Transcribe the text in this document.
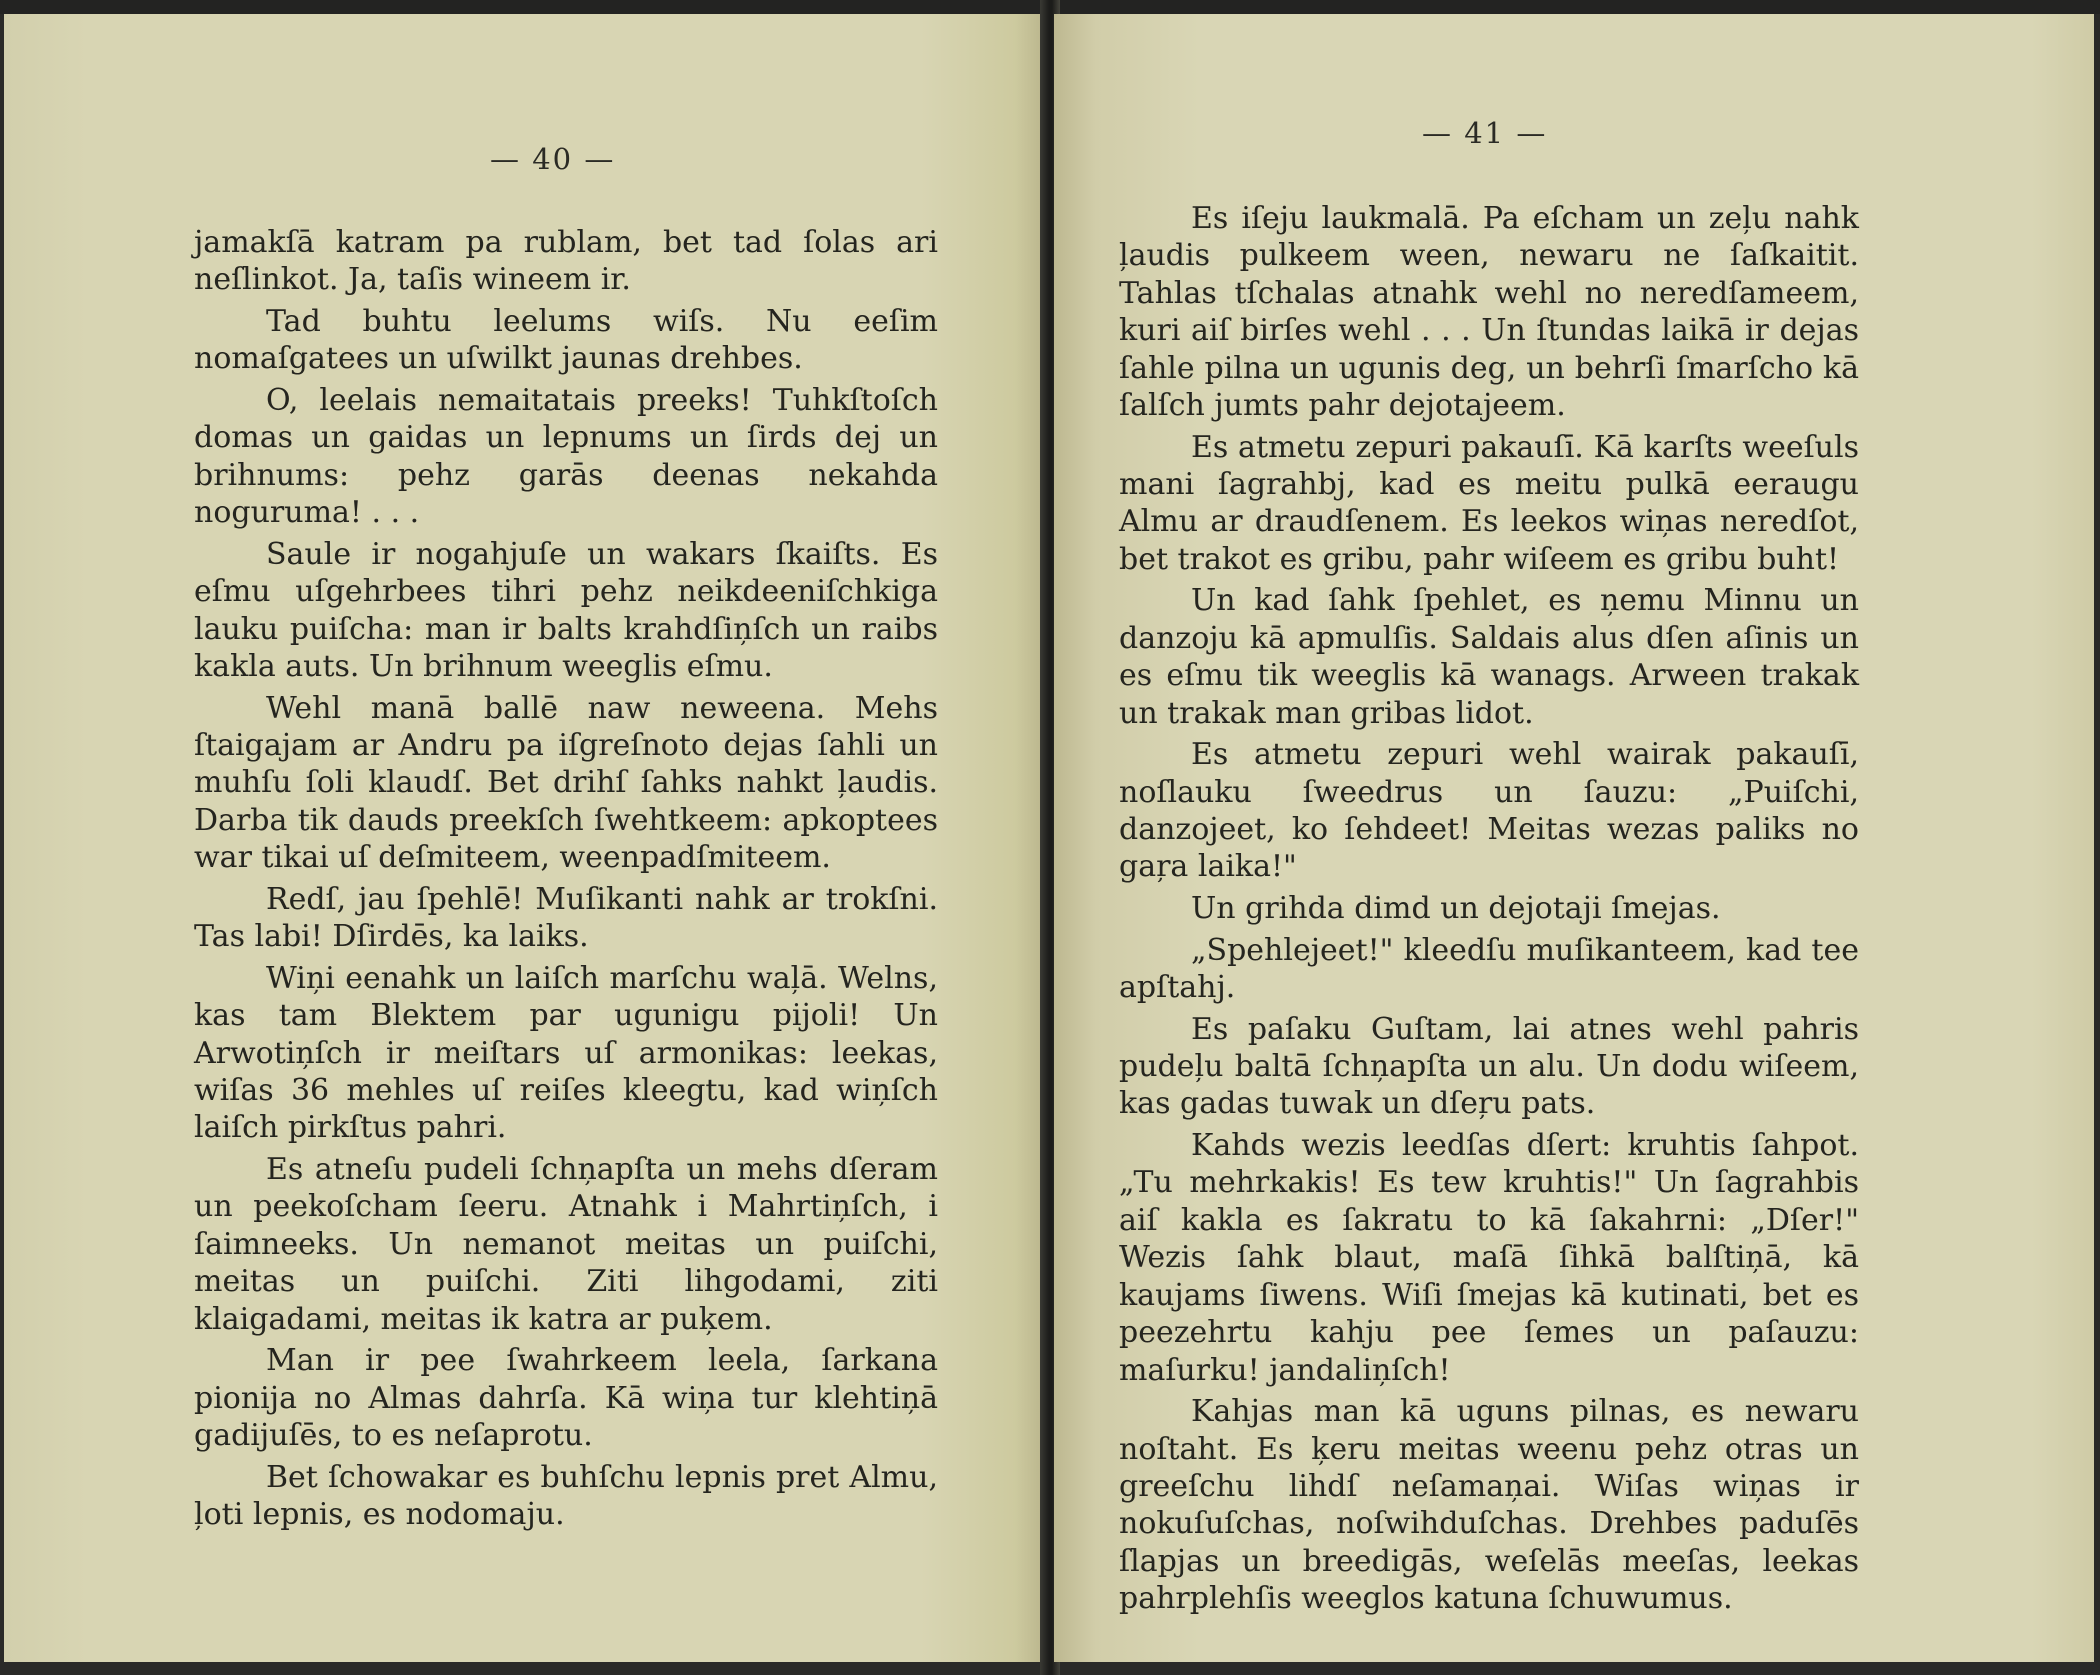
— 40 —

jamakſā katram pa rublam, bet tad ſolas ari neſlinkot. Ja, taſis wineem ir.

Tad buhtu leelums wiſs. Nu eeſim nomaſgatees un uſwilkt jaunas drehbes.

O, leelais nemaitatais preeks! Tuhkſtoſch domas un gaidas un lepnums un ſirds dej un brihnums: pehz garās deenas nekahda noguruma! . . .

Saule ir nogahjuſe un wakars ſkaiſts. Es eſmu uſgehrbees tihri pehz neikdeeniſchkiga lauku puiſcha: man ir balts krahdſiņſch un raibs kakla auts. Un brihnum weeglis eſmu.

Wehl manā ballē naw neweena. Mehs ſtaigajam ar Andru pa iſgreſnoto dejas ſahli un muhſu ſoli klaudſ. Bet drihſ ſahks nahkt ļaudis. Darba tik dauds preekſch ſwehtkeem: apkoptees war tikai uſ deſmiteem, weenpadſmiteem.

Redſ, jau ſpehlē! Muſikanti nahk ar trokſni. Tas labi! Dſirdēs, ka laiks.

Wiņi eenahk un laiſch marſchu waļā. Welns, kas tam Blektem par ugunigu pijoli! Un Arwotiņſch ir meiſtars uſ armonikas: leekas, wiſas 36 mehles uſ reiſes kleegtu, kad wiņſch laiſch pirkſtus pahri.

Es atneſu pudeli ſchņapſta un mehs dſeram un peekoſcham ſeeru. Atnahk i Mahrtiņſch, i ſaimneeks. Un nemanot meitas un puiſchi, meitas un puiſchi. Ziti lihgodami, ziti klaigadami, meitas ik katra ar puķem.

Man ir pee ſwahrkeem leela, ſarkana pionija no Almas dahrſa. Kā wiņa tur klehtiņā gadijuſēs, to es neſaprotu.

Bet ſchowakar es buhſchu lepnis pret Almu, ļoti lepnis, es nodomaju.

— 41 —

Es iſeju laukmalā. Pa eſcham un zeļu nahk ļaudis pulkeem ween, newaru ne ſaſkaitit. Tahlas tſchalas atnahk wehl no neredſameem, kuri aiſ birſes wehl . . . Un ſtundas laikā ir dejas ſahle pilna un ugunis deg, un behrſi ſmarſcho kā ſalſch jumts pahr dejotajeem.

Es atmetu zepuri pakauſī. Kā karſts weeſuls mani ſagrahbj, kad es meitu pulkā eeraugu Almu ar draudſenem. Es leekos wiņas neredſot, bet trakot es gribu, pahr wiſeem es gribu buht!

Un kad ſahk ſpehlet, es ņemu Minnu un danzoju kā apmulſis. Saldais alus dſen aſinis un es eſmu tik weeglis kā wanags. Arween trakak un trakak man gribas lidot.

Es atmetu zepuri wehl wairak pakauſī, noſlauku ſweedrus un ſauzu: „Puiſchi, danzojeet, ko ſehdeet! Meitas wezas paliks no gaŗa laika!"

Un grihda dimd un dejotaji ſmejas.

„Spehlejeet!" kleedſu muſikanteem, kad tee apſtahj.

Es paſaku Guſtam, lai atnes wehl pahris pudeļu baltā ſchņapſta un alu. Un dodu wiſeem, kas gadas tuwak un dſeŗu pats.

Kahds wezis leedſas dſert: kruhtis ſahpot. „Tu mehrkakis! Es tew kruhtis!" Un ſagrahbis aiſ kakla es ſakratu to kā ſakahrni: „Dſer!" Wezis ſahk blaut, maſā ſihkā balſtiņā, kā kaujams ſiwens. Wiſi ſmejas kā kutinati, bet es peezehrtu kahju pee ſemes un paſauzu: maſurku! jandaliņſch!

Kahjas man kā uguns pilnas, es newaru noſtaht. Es ķeru meitas weenu pehz otras un greeſchu lihdſ neſamaņai. Wiſas wiņas ir nokuſuſchas, noſwihduſchas. Drehbes paduſēs ſlapjas un breedigās, weſelās meeſas, leekas pahrplehſis weeglos katuna ſchuwumus.
